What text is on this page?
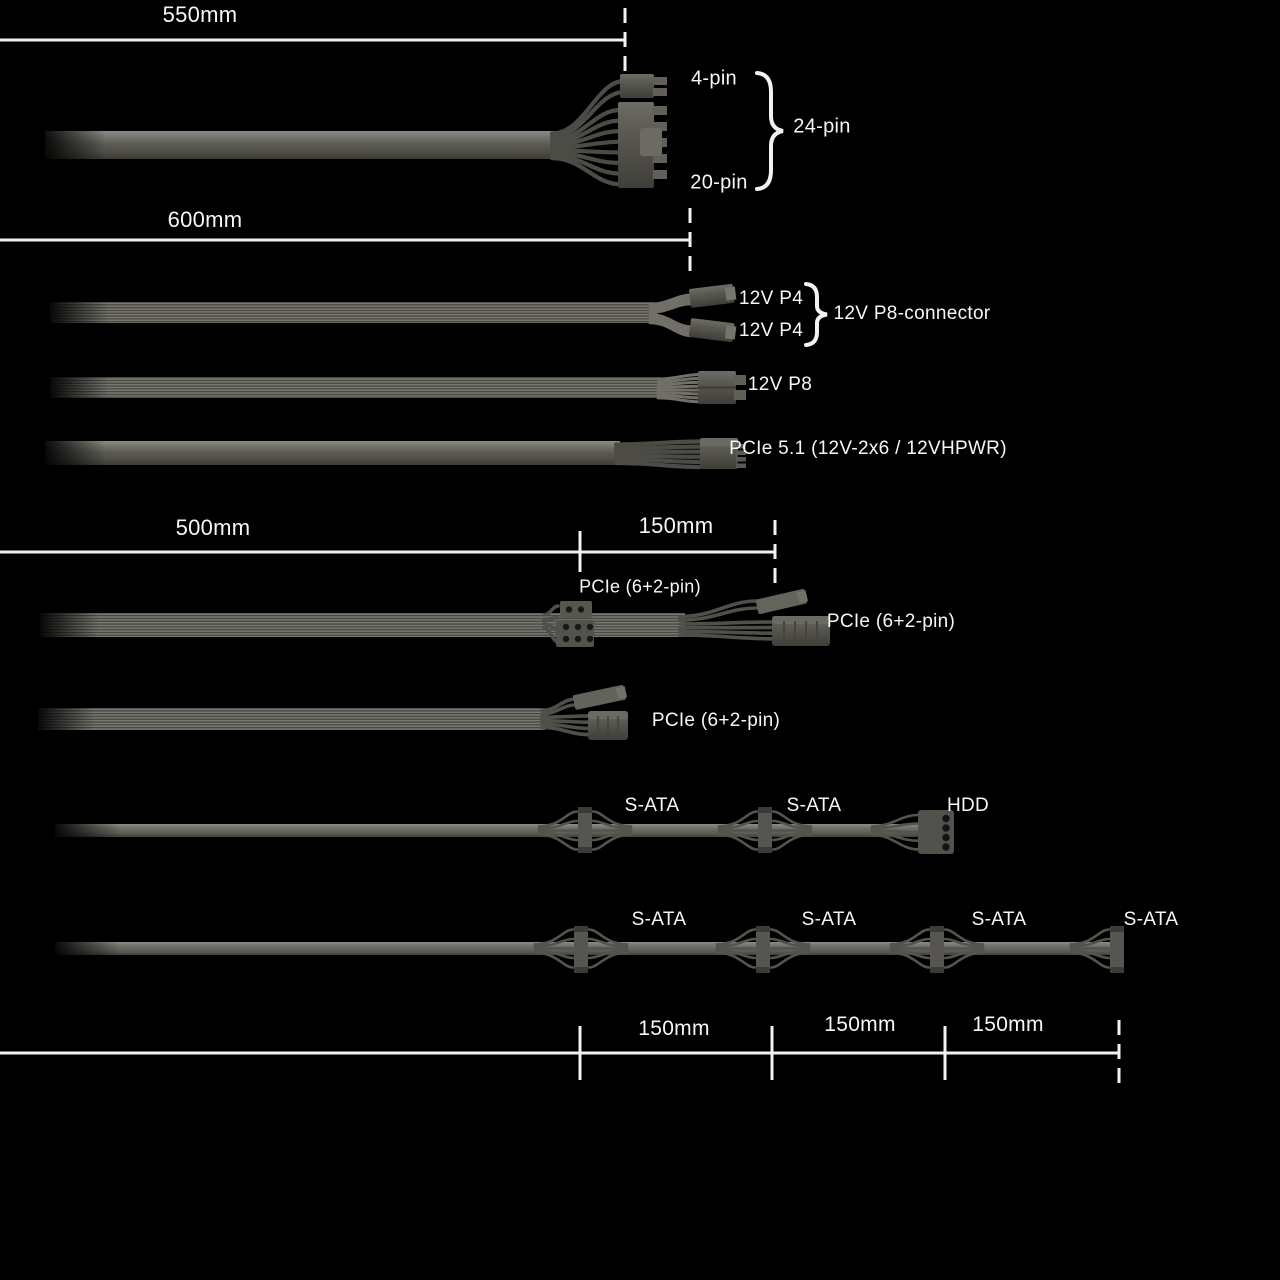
550mm
4-pin
24-pin
20-pin
600mm
12V P4
12V P4
12V P8-connector
12V P8
PCIe 5.1 (12V-2x6 / 12VHPWR)
500mm	150mm
PCIe (6+2-pin)
PCIe (6+2-pin)
PCIe (6+2-pin)
S-ATA	S-ATA	HDD
S-ATA	S-ATA	S-ATA	S-ATA
150mm	150mm	150mm
